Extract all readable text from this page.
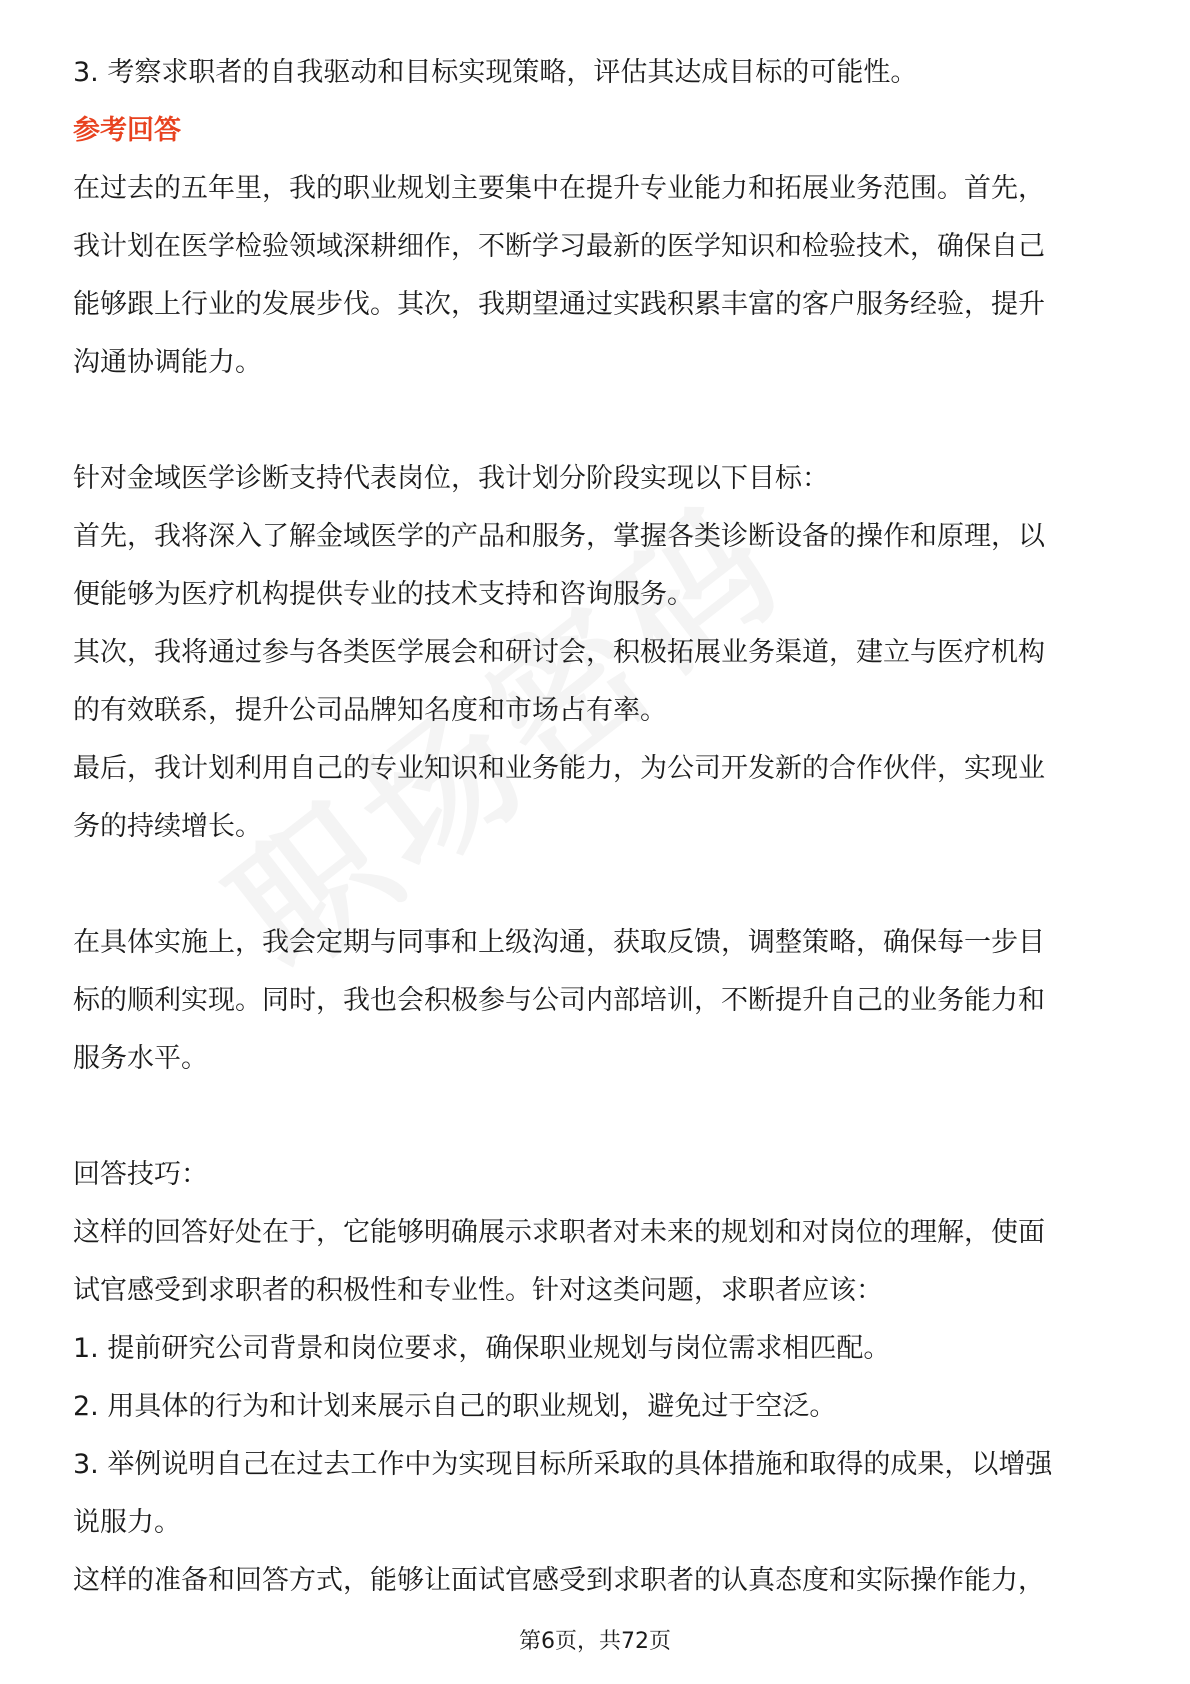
3. 考察求职者的自我驱动和目标实现策略，评估其达成目标的可能性。
参考回答
在过去的五年里，我的职业规划主要集中在提升专业能力和拓展业务范围。首先，
我计划在医学检验领域深耕细作，不断学习最新的医学知识和检验技术，确保自己
能够跟上行业的发展步伐。其次，我期望通过实践积累丰富的客户服务经验，提升
沟通协调能力。
针对金域医学诊断支持代表岗位，我计划分阶段实现以下目标：
首先，我将深入了解金域医学的产品和服务，掌握各类诊断设备的操作和原理，以
便能够为医疗机构提供专业的技术支持和咨询服务。
其次，我将通过参与各类医学展会和研讨会，积极拓展业务渠道，建立与医疗机构
的有效联系，提升公司品牌知名度和市场占有率。
最后，我计划利用自己的专业知识和业务能力，为公司开发新的合作伙伴，实现业
务的持续增长。
在具体实施上，我会定期与同事和上级沟通，获取反馈，调整策略，确保每一步目
标的顺利实现。同时，我也会积极参与公司内部培训，不断提升自己的业务能力和
服务水平。
回答技巧：
这样的回答好处在于，它能够明确展示求职者对未来的规划和对岗位的理解，使面
试官感受到求职者的积极性和专业性。针对这类问题，求职者应该：
1. 提前研究公司背景和岗位要求，确保职业规划与岗位需求相匹配。
2. 用具体的行为和计划来展示自己的职业规划，避免过于空泛。
3. 举例说明自己在过去工作中为实现目标所采取的具体措施和取得的成果，以增强
说服力。
这样的准备和回答方式，能够让面试官感受到求职者的认真态度和实际操作能力，
第6页，共72页
